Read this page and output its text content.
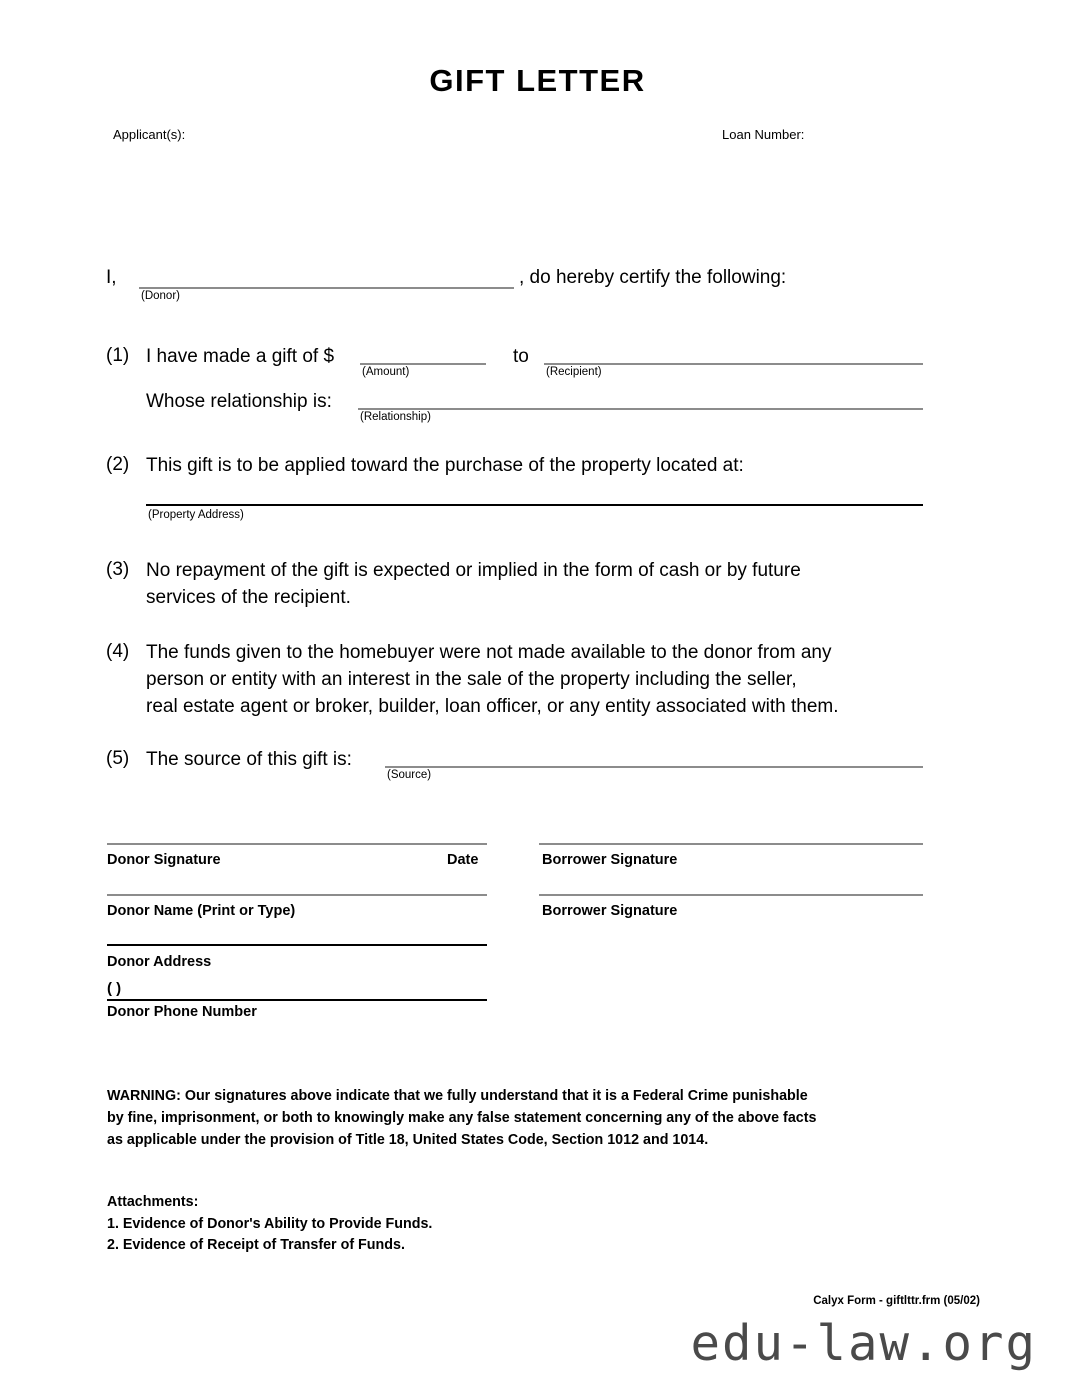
GIFT LETTER
Applicant(s):	Loan Number:
I,
(Donor)
, do hereby certify the following:
(1) I have made a gift of $
(Amount)
to
(Recipient)
Whose relationship is:
(Relationship)
(2) This gift is to be applied toward the purchase of the property located at:
(Property Address)
(3) No repayment of the gift is expected or implied in the form of cash or by future
services of the recipient.
(4) The funds given to the homebuyer were not made available to the donor from any
person or entity with an interest in the sale of the property including the seller,
real estate agent or broker, builder, loan officer, or any entity associated with them.
(5) The source of this gift is:
(Source)
Donor Signature	Date	Borrower Signature
Donor Name (Print or Type)	Borrower Signature
Donor Address
( )
Donor Phone Number
WARNING: Our signatures above indicate that we fully understand that it is a Federal Crime punishable
by fine, imprisonment, or both to knowingly make any false statement concerning any of the above facts
as applicable under the provision of Title 18, United States Code, Section 1012 and 1014.
Attachments:
1. Evidence of Donor's Ability to Provide Funds.
2. Evidence of Receipt of Transfer of Funds.
Calyx Form - giftlttr.frm (05/02)
edu-law.org
